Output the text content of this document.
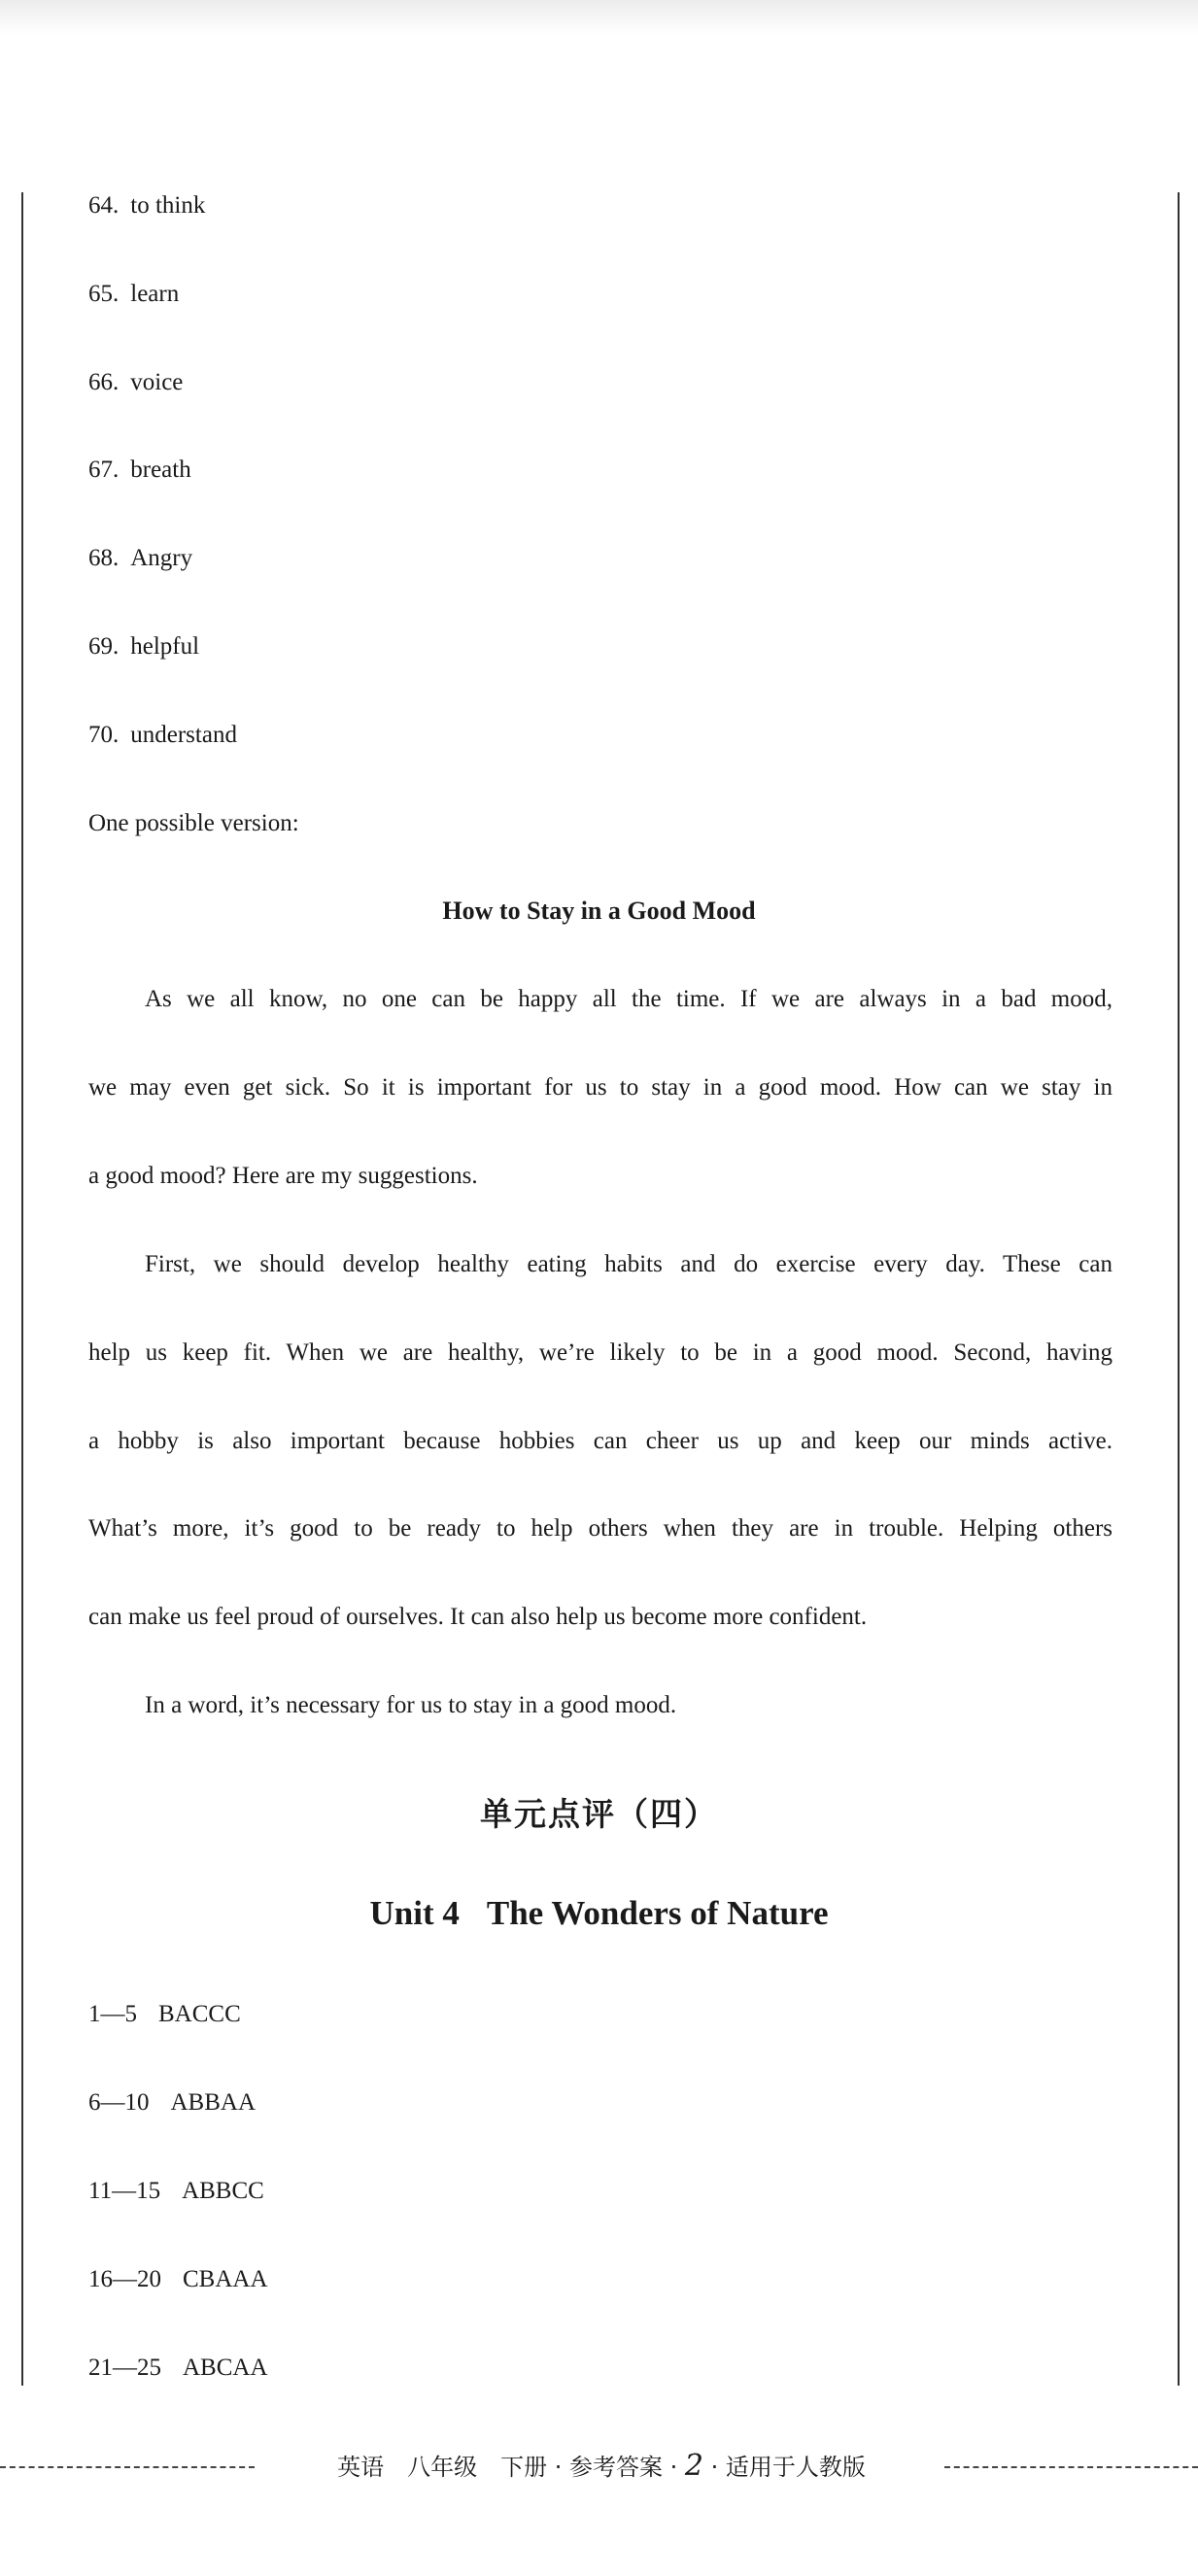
64. to think
65. learn
66. voice
67. breath
68. Angry
69. helpful
70. understand
One possible version:
How to Stay in a Good Mood
As we all know, no one can be happy all the time. If we are always in a bad mood,
we may even get sick. So it is important for us to stay in a good mood. How can we stay in
a good mood? Here are my suggestions.
First, we should develop healthy eating habits and do exercise every day. These can
help us keep fit. When we are healthy, we’re likely to be in a good mood. Second, having
a hobby is also important because hobbies can cheer us up and keep our minds active.
What’s more, it’s good to be ready to help others when they are in trouble. Helping others
can make us feel proud of ourselves. It can also help us become more confident.
In a word, it’s necessary for us to stay in a good mood.
单元点评（四）
Unit 4 The Wonders of Nature
1—5 BACCC
6—10 ABBAA
11—15 ABBCC
16—20 CBAAA
21—25 ABCAA
英语　八年级　下册 · 参考答案 · 2 · 适用于人教版
